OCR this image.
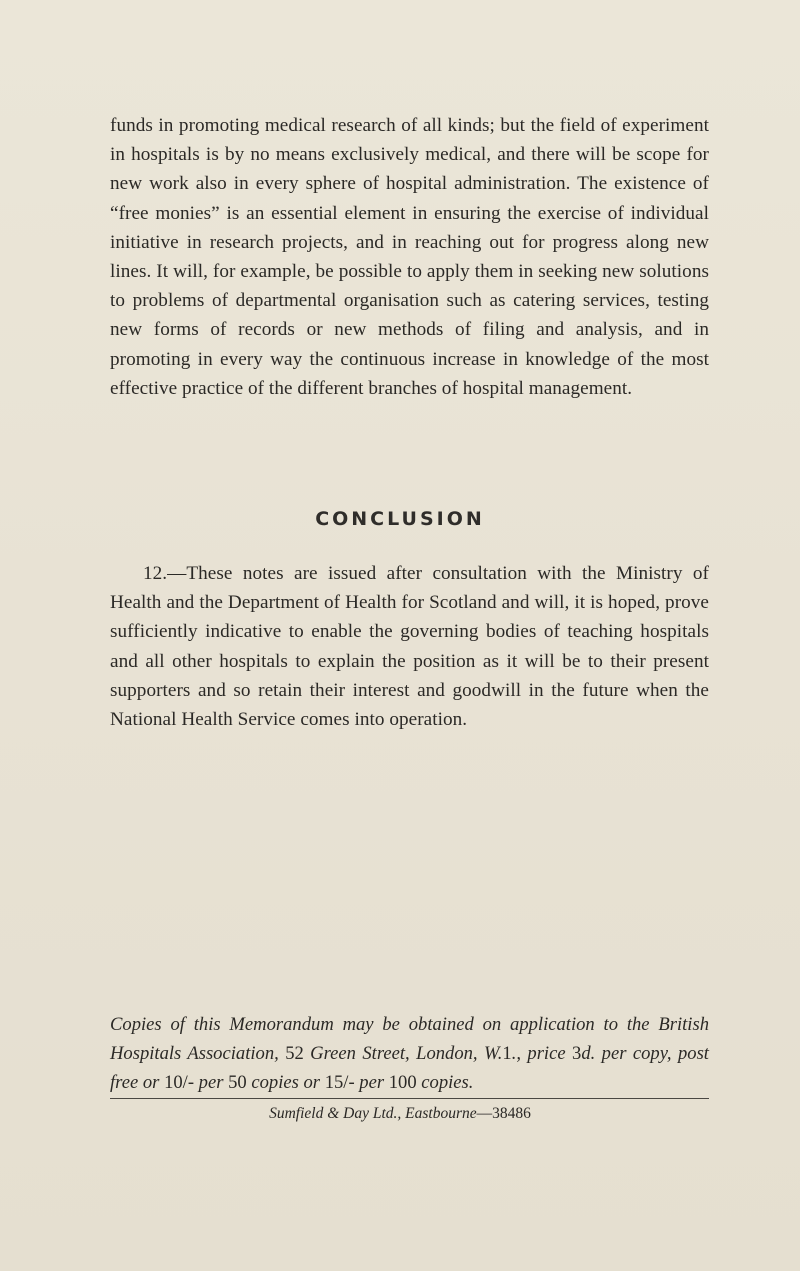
funds in promoting medical research of all kinds; but the field of experiment in hospitals is by no means exclusively medical, and there will be scope for new work also in every sphere of hospital administration. The existence of “free monies” is an essential element in ensuring the exercise of individual initiative in research projects, and in reaching out for progress along new lines. It will, for example, be possible to apply them in seeking new solutions to problems of departmental organisation such as catering services, testing new forms of records or new methods of filing and analysis, and in promoting in every way the continuous increase in knowledge of the most effective practice of the different branches of hospital management.

CONCLUSION

12.—These notes are issued after consultation with the Ministry of Health and the Department of Health for Scotland and will, it is hoped, prove sufficiently indicative to enable the governing bodies of teaching hospitals and all other hospitals to explain the position as it will be to their present supporters and so retain their interest and goodwill in the future when the National Health Service comes into operation.

Copies of this Memorandum may be obtained on application to the British Hospitals Association, 52 Green Street, London, W.1., price 3d. per copy, post free or 10/- per 50 copies or 15/- per 100 copies.

Sumfield & Day Ltd., Eastbourne—38486
